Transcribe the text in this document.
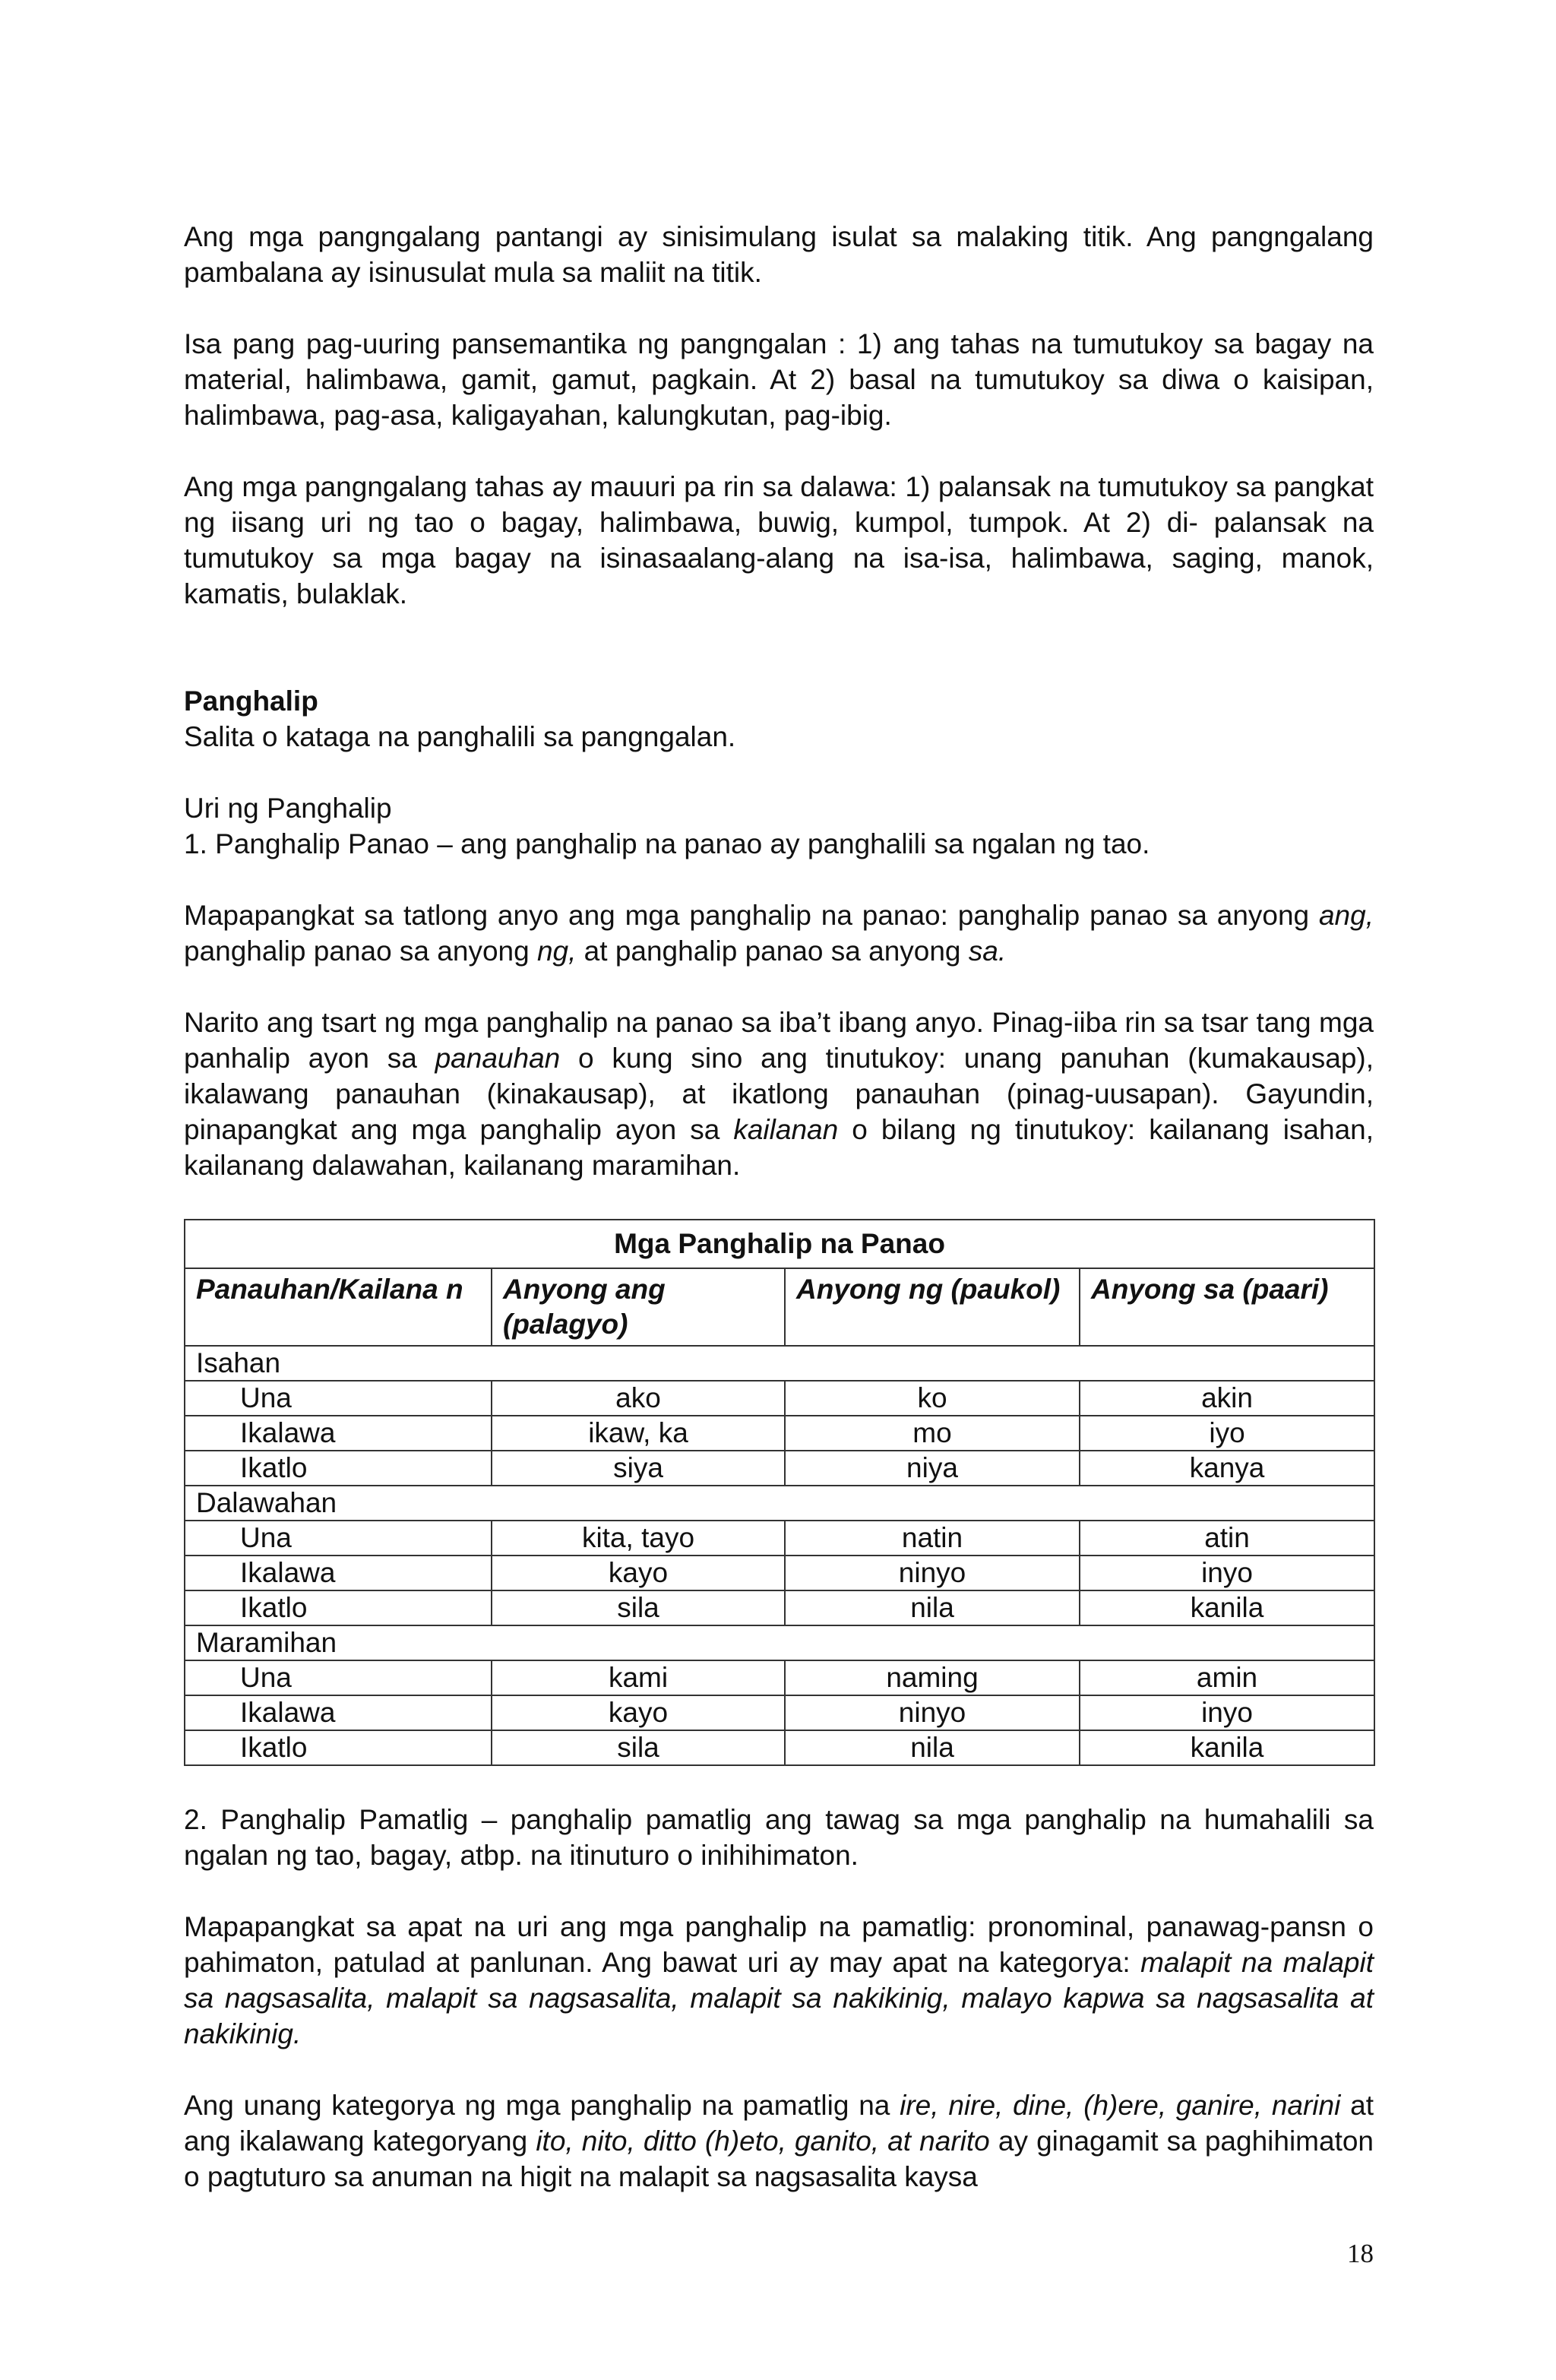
Ang mga pangngalang pantangi ay sinisimulang isulat sa malaking titik. Ang pangngalang pambalana ay isinusulat mula sa maliit na titik.

Isa pang pag-uuring pansemantika ng pangngalan : 1) ang tahas na tumutukoy sa bagay na material, halimbawa, gamit, gamut, pagkain. At 2) basal na tumutukoy sa diwa o kaisipan, halimbawa, pag-asa, kaligayahan, kalungkutan, pag-ibig.

Ang mga pangngalang tahas ay mauuri pa rin sa dalawa: 1) palansak na tumutukoy sa pangkat ng iisang uri ng tao o bagay, halimbawa, buwig, kumpol, tumpok. At 2) di- palansak na tumutukoy sa mga bagay na isinasaalang-alang na isa-isa, halimbawa, saging, manok, kamatis, bulaklak.

Panghalip

Salita o kataga na panghalili sa pangngalan.

Uri ng Panghalip

1. Panghalip Panao – ang panghalip na panao ay panghalili sa ngalan ng tao.

Mapapangkat sa tatlong anyo ang mga panghalip na panao: panghalip panao sa anyong ang, panghalip panao sa anyong ng, at panghalip panao sa anyong sa.

Narito ang tsart ng mga panghalip na panao sa iba’t ibang anyo. Pinag-iiba rin sa tsar tang mga panhalip ayon sa panauhan o kung sino ang tinutukoy: unang panuhan (kumakausap), ikalawang panauhan (kinakausap), at ikatlong panauhan (pinag-uusapan). Gayundin, pinapangkat ang mga panghalip ayon sa kailanan o bilang ng tinutukoy: kailanang isahan, kailanang dalawahan, kailanang maramihan.

Mga Panghalip na Panao			
Panauhan/Kailana n	Anyong ang (palagyo)	Anyong ng (paukol)	Anyong sa (paari)
Isahan			
Una	ako	ko	akin
Ikalawa	ikaw, ka	mo	iyo
Ikatlo	siya	niya	kanya
Dalawahan			
Una	kita, tayo	natin	atin
Ikalawa	kayo	ninyo	inyo
Ikatlo	sila	nila	kanila
Maramihan			
Una	kami	naming	amin
Ikalawa	kayo	ninyo	inyo
Ikatlo	sila	nila	kanila

2. Panghalip Pamatlig – panghalip pamatlig ang tawag sa mga panghalip na humahalili sa ngalan ng tao, bagay, atbp. na itinuturo o inihihimaton.

Mapapangkat sa apat na uri ang mga panghalip na pamatlig: pronominal, panawag-pansn o pahimaton, patulad at panlunan. Ang bawat uri ay may apat na kategorya: malapit na malapit sa nagsasalita, malapit sa nagsasalita, malapit sa nakikinig, malayo kapwa sa nagsasalita at nakikinig.

Ang unang kategorya ng mga panghalip na pamatlig na ire, nire, dine, (h)ere, ganire, narini at ang ikalawang kategoryang ito, nito, ditto (h)eto, ganito, at narito ay ginagamit sa paghihimaton o pagtuturo sa anuman na higit na malapit sa nagsasalita kaysa

18
